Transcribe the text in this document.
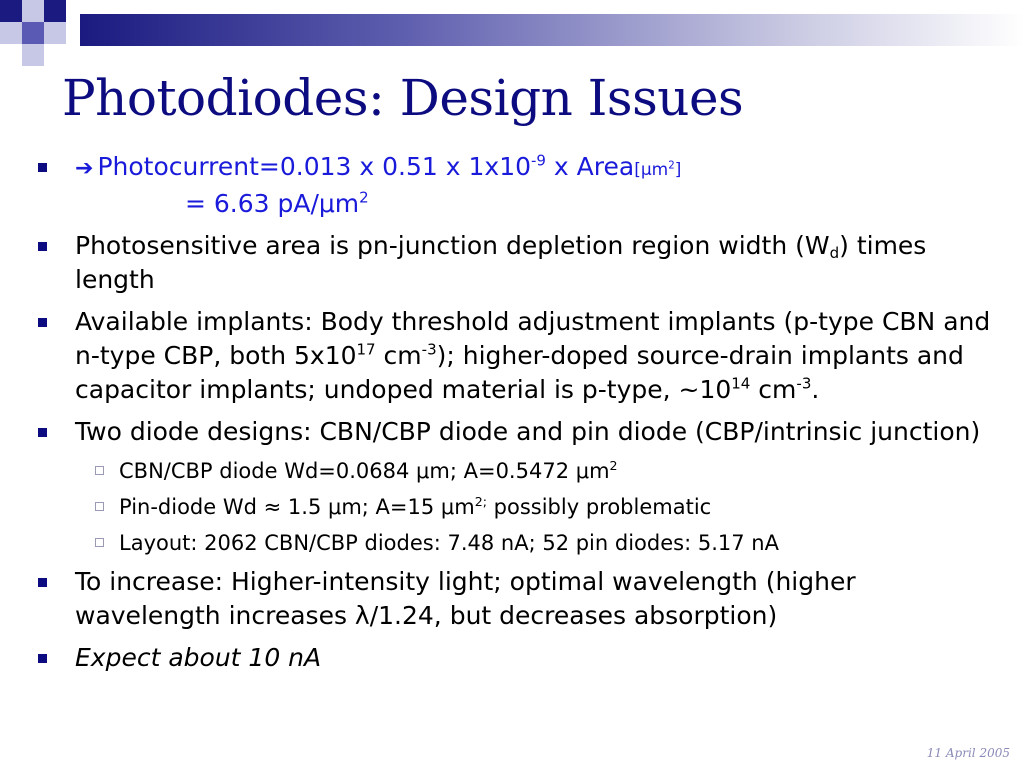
Photodiodes: Design Issues
➔ Photocurrent=0.013 x 0.51 x $1x10^{-9}$ x $Area[\mu m^2]$
= 6.63 $pA/\mu m^2$
Photosensitive area is pn-junction depletion region width $(W_d)$ times length
Available implants: Body threshold adjustment implants (p-type CBN and n-type CBP, both $5x10^{17}$ $cm^{-3}$); higher-doped source-drain implants and capacitor implants; undoped material is p-type, $\sim 10^{14}$ $cm^{-3}$.
Two diode designs: CBN/CBP diode and pin diode (CBP/intrinsic junction)
CBN/CBP diode Wd=0.0684 μm; A=0.5472 $\mu m^2$
Pin-diode Wd ≈ 1.5 μm; A=15 $\mu m^{2;}$ possibly problematic
Layout: 2062 CBN/CBP diodes: 7.48 nA; 52 pin diodes: 5.17 nA
To increase: Higher-intensity light; optimal wavelength (higher wavelength increases λ/1.24, but decreases absorption)
Expect about 10 nA
11 April 2005
